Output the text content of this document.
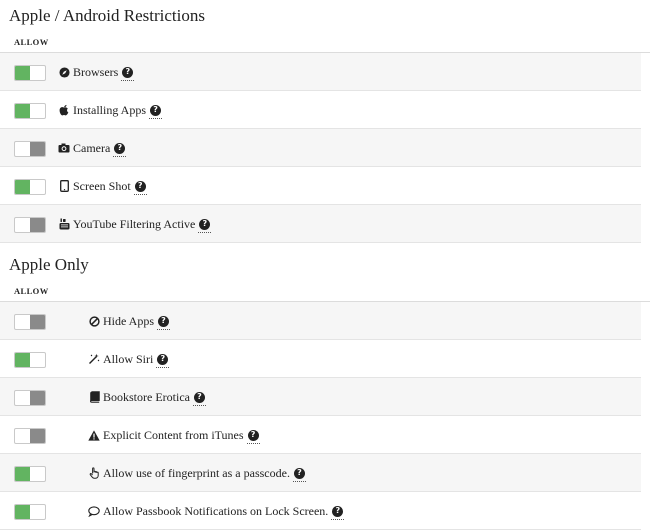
Apple / Android Restrictions
ALLOW
Browsers ?
Installing Apps ?
Camera ?
Screen Shot ?
YouTube Filtering Active ?
Apple Only
ALLOW
Hide Apps ?
Allow Siri ?
Bookstore Erotica ?
Explicit Content from iTunes ?
Allow use of fingerprint as a passcode. ?
Allow Passbook Notifications on Lock Screen. ?
